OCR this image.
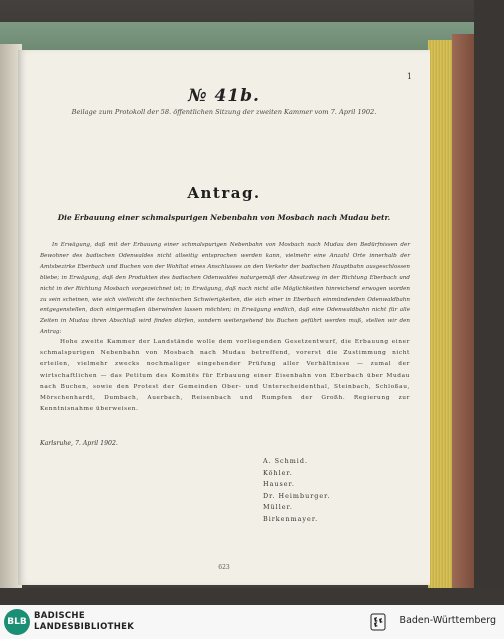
1
№ 41b.
Beilage zum Protokoll der 58. öffentlichen Sitzung der zweiten Kammer vom 7. April 1902.
Antrag.
Die Erbauung einer schmalspurigen Nebenbahn von Mosbach nach Mudau betr.
In Erwägung, daß mit der Erbauung einer schmalspurigen Nebenbahn von Mosbach nach Mudau den Bedürfnissen der Bewohner des badischen Odenwaldes nicht allseitig entsprochen werden kann, vielmehr eine Anzahl Orte innerhalb der Amtsbezirke Eberbach und Buchen von der Wohltat eines Anschlusses an den Verkehr der badischen Hauptbahn ausgeschlossen bliebe; in Erwägung, daß den Produkten des badischen Odenwaldes naturgemäß der Absatzweg in der Richtung Eberbach und nicht in der Richtung Mosbach vorgezeichnet ist; in Erwägung, daß nach nicht alle Möglichkeiten hinreichend erwogen worden zu sein scheinen, wie sich vielleicht die technischen Schwierigkeiten, die sich einer in Eberbach einmündenden Odenwaldbahn entgegenstellen, doch einigermaßen überwinden lassen möchten; in Erwägung endlich, daß eine Odenwaldbahn nicht für alle Zeiten in Mudau ihren Abschluß wird finden dürfen, sondern weitergehend bis Buchen geführt werden muß, stellen wir den Antrag:
Hohe zweite Kammer der Landstände wolle dem vorliegenden Gesetzentwurf, die Erbauung einer schmalspurigen Nebenbahn von Mosbach nach Mudau betreffend, vorerst die Zustimmung nicht erteilen, vielmehr zwecks nochmaliger eingehender Prüfung aller Verhältnisse — zumal der wirtschaftlichen — das Petitum des Komitēs für Erbauung einer Eisenbahn von Eberbach über Mudau nach Buchen, sowie den Protest der Gemeinden Ober- und Unterscheidenthal, Steinbach, Schloßau, Mörschenhardt, Dumbach, Auerbach, Reisenbach und Rumpfen der Großh. Regierung zur Kenntnisnahme überweisen.
Karlsruhe, 7. April 1902.
A. Schmid.
Köhler.
Hauser.
Dr. Heimburger.
Müller.
Birkenmayer.
623
BLB
BADISCHE
LANDESBIBLIOTHEK
Baden-Württemberg
